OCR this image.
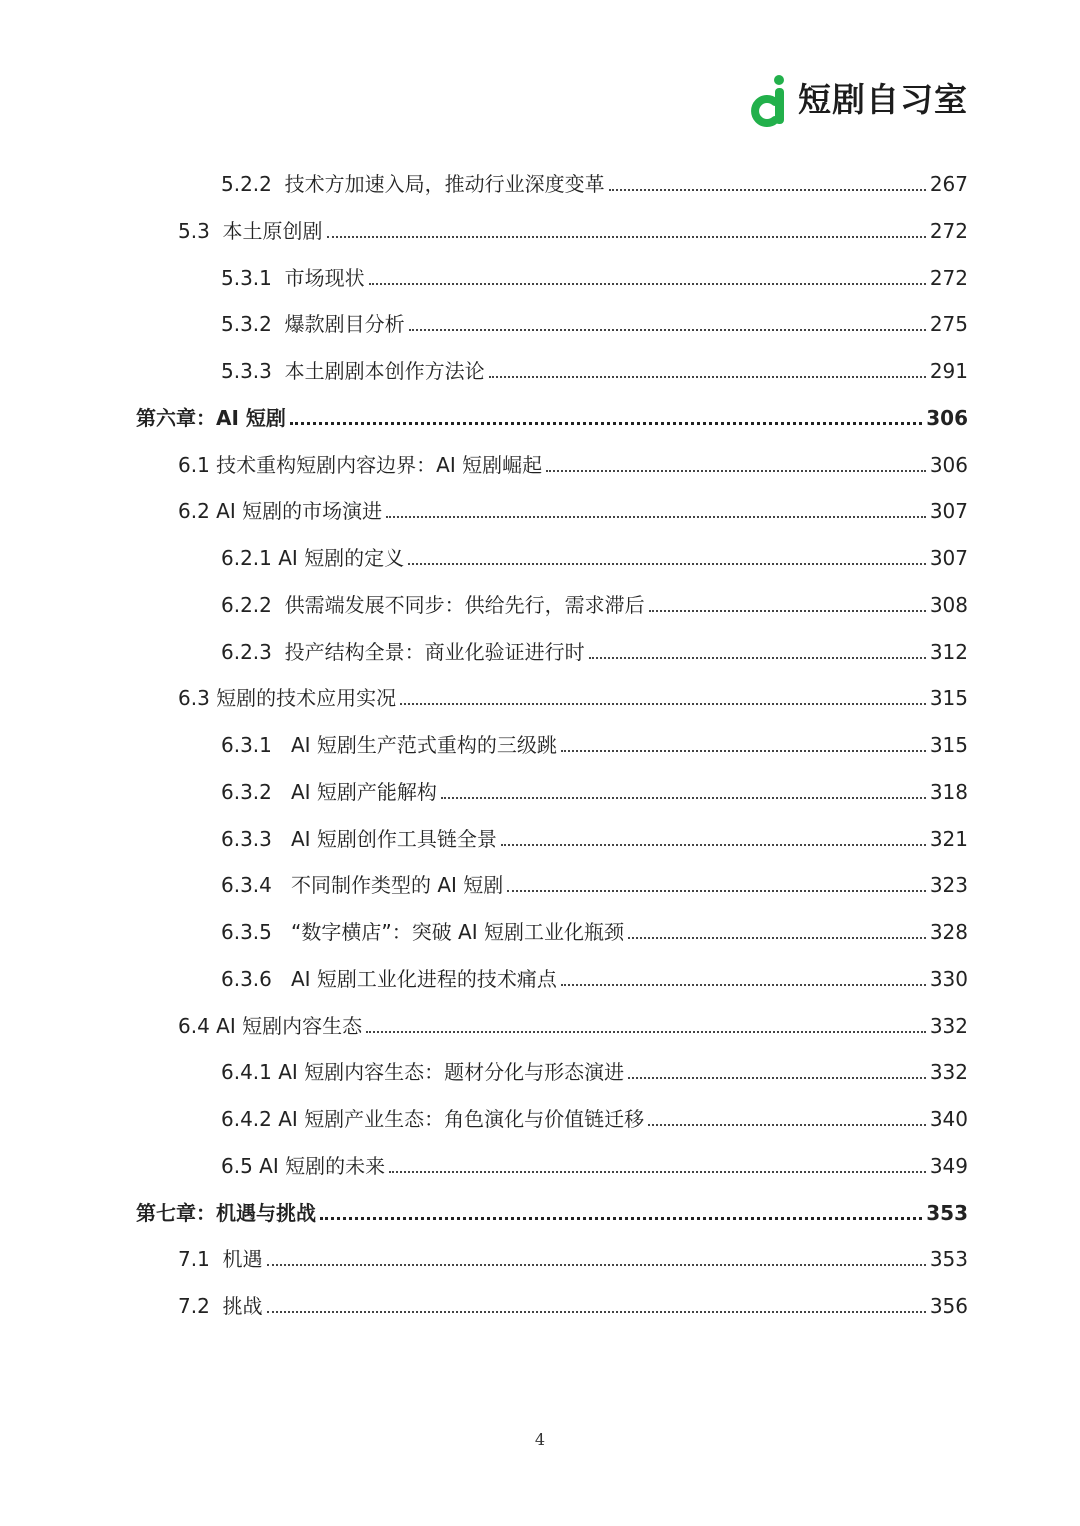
短剧自习室
5.2.2 技术方加速入局，推动行业深度变革	267
5.3 本土原创剧	272
5.3.1 市场现状	272
5.3.2 爆款剧目分析	275
5.3.3 本土剧剧本创作方法论	291
第六章：AI 短剧	306
6.1 技术重构短剧内容边界：AI 短剧崛起	306
6.2 AI 短剧的市场演进	307
6.2.1 AI 短剧的定义	307
6.2.2 供需端发展不同步：供给先行，需求滞后	308
6.2.3 投产结构全景：商业化验证进行时	312
6.3 短剧的技术应用实况	315
6.3.1 AI 短剧生产范式重构的三级跳	315
6.3.2 AI 短剧产能解构	318
6.3.3 AI 短剧创作工具链全景	321
6.3.4 不同制作类型的 AI 短剧	323
6.3.5 “数字横店”：突破 AI 短剧工业化瓶颈	328
6.3.6 AI 短剧工业化进程的技术痛点	330
6.4 AI 短剧内容生态	332
6.4.1 AI 短剧内容生态：题材分化与形态演进	332
6.4.2 AI 短剧产业生态：角色演化与价值链迁移	340
6.5 AI 短剧的未来	349
第七章：机遇与挑战	353
7.1 机遇	353
7.2 挑战	356
4
